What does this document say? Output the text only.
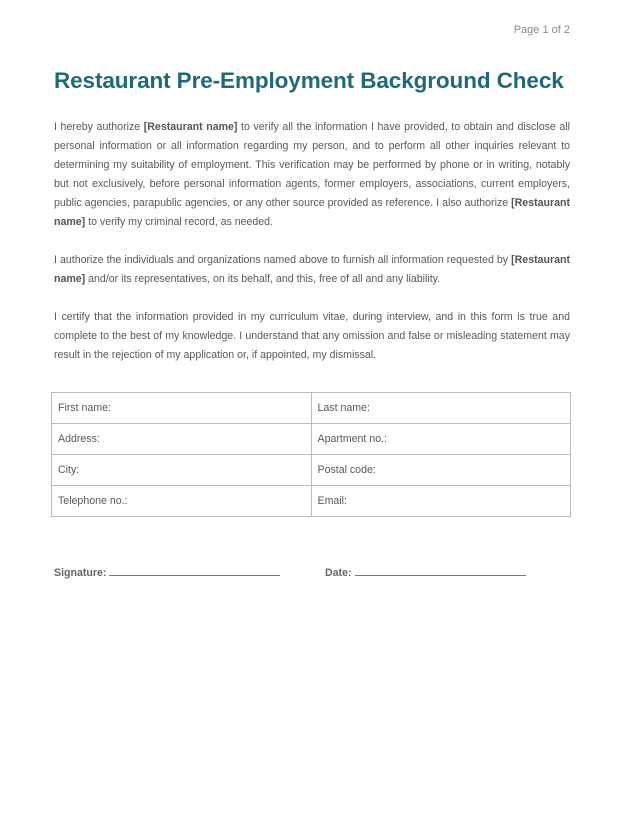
Page 1 of 2
Restaurant Pre-Employment Background Check

I hereby authorize [Restaurant name] to verify all the information I have provided, to obtain and disclose all personal information or all information regarding my person, and to perform all other inquiries relevant to determining my suitability of employment. This verification may be performed by phone or in writing, notably but not exclusively, before personal information agents, former employers, associations, current employers, public agencies, parapublic agencies, or any other source provided as reference. I also authorize [Restaurant name] to verify my criminal record, as needed.

I authorize the individuals and organizations named above to furnish all information requested by [Restaurant name] and/or its representatives, on its behalf, and this, free of all and any liability.

I certify that the information provided in my curriculum vitae, during interview, and in this form is true and complete to the best of my knowledge. I understand that any omission and false or misleading statement may result in the rejection of my application or, if appointed, my dismissal.

First name:	Last name:
Address:	Apartment no.:
City:	Postal code:
Telephone no.:	Email:
Signature:	Date:
